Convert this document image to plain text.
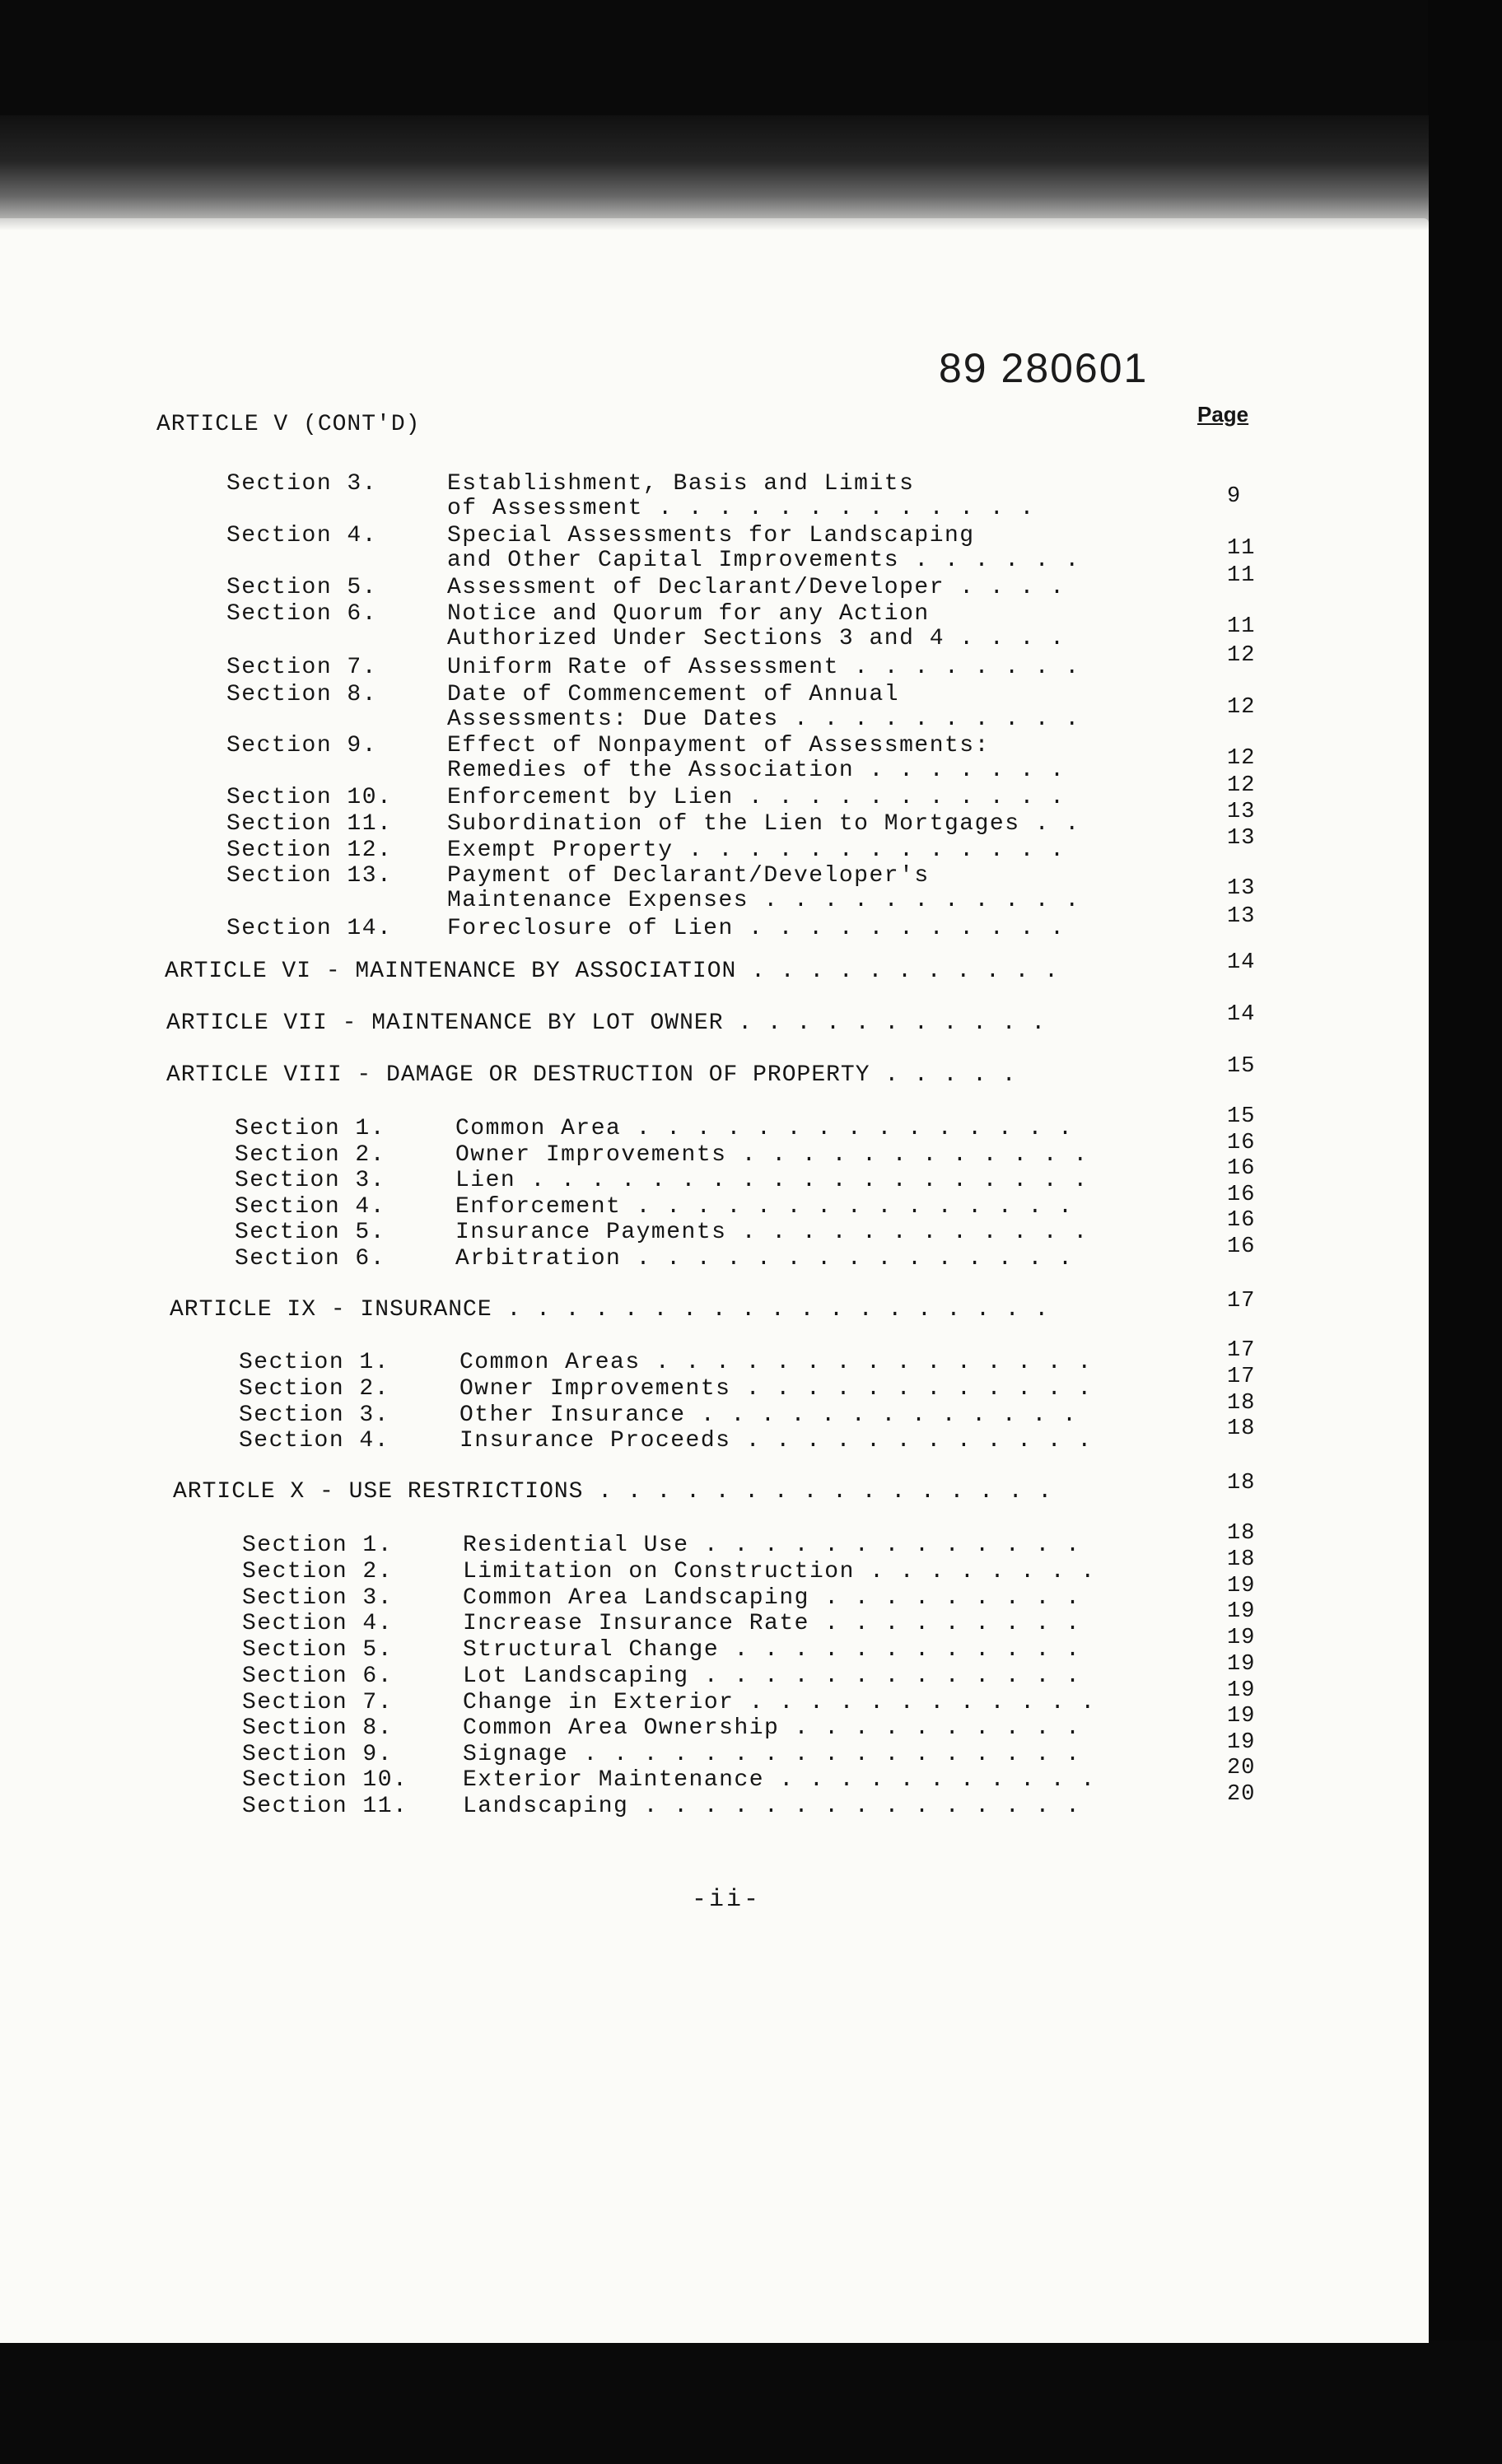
89 280601
Page
ARTICLE V (CONT'D)
Section 3.	Establishment, Basis and Limits
of Assessment . . . . . . . . . . . . .	9
Section 4.	Special Assessments for Landscaping
and Other Capital Improvements . . . . . .	11
Section 5.	Assessment of Declarant/Developer . . . .	11
Section 6.	Notice and Quorum for any Action
Authorized Under Sections 3 and 4 . . . .	11
Section 7.	Uniform Rate of Assessment . . . . . . . .	12
Section 8.	Date of Commencement of Annual
Assessments: Due Dates . . . . . . . . . .	12
Section 9.	Effect of Nonpayment of Assessments:
Remedies of the Association . . . . . . .	12
Section 10. Enforcement by Lien . . . . . . . . . . .	12
Section 11. Subordination of the Lien to Mortgages . .	13
Section 12. Exempt Property . . . . . . . . . . . . .	13
Section 13. Payment of Declarant/Developer's
Maintenance Expenses . . . . . . . . . . .	13
Section 14. Foreclosure of Lien . . . . . . . . . . .	13
ARTICLE VI - MAINTENANCE BY ASSOCIATION . . . . . . . . . . .	14
ARTICLE VII - MAINTENANCE BY LOT OWNER . . . . . . . . . . .	14
ARTICLE VIII - DAMAGE OR DESTRUCTION OF PROPERTY . . . . .	15
Section 1.	Common Area . . . . . . . . . . . . . . .	15
Section 2.	Owner Improvements . . . . . . . . . . . .	16
Section 3.	Lien . . . . . . . . . . . . . . . . . . .	16
Section 4.	Enforcement . . . . . . . . . . . . . . .	16
Section 5.	Insurance Payments . . . . . . . . . . . .	16
Section 6.	Arbitration . . . . . . . . . . . . . . .	16
ARTICLE IX - INSURANCE . . . . . . . . . . . . . . . . . . .	17
Section 1.	Common Areas . . . . . . . . . . . . . . .	17
Section 2.	Owner Improvements . . . . . . . . . . . .	17
Section 3.	Other Insurance . . . . . . . . . . . . .	18
Section 4.	Insurance Proceeds . . . . . . . . . . . .	18
ARTICLE X - USE RESTRICTIONS . . . . . . . . . . . . . . . .	18
Section 1.	Residential Use . . . . . . . . . . . . .	18
Section 2.	Limitation on Construction . . . . . . . .	18
Section 3.	Common Area Landscaping . . . . . . . . .	19
Section 4.	Increase Insurance Rate . . . . . . . . .	19
Section 5.	Structural Change . . . . . . . . . . . .	19
Section 6.	Lot Landscaping . . . . . . . . . . . . .	19
Section 7.	Change in Exterior . . . . . . . . . . . .	19
Section 8.	Common Area Ownership . . . . . . . . . .	19
Section 9.	Signage . . . . . . . . . . . . . . . . .	19
Section 10. Exterior Maintenance . . . . . . . . . . .	20
Section 11. Landscaping . . . . . . . . . . . . . . .	20
-ii-
